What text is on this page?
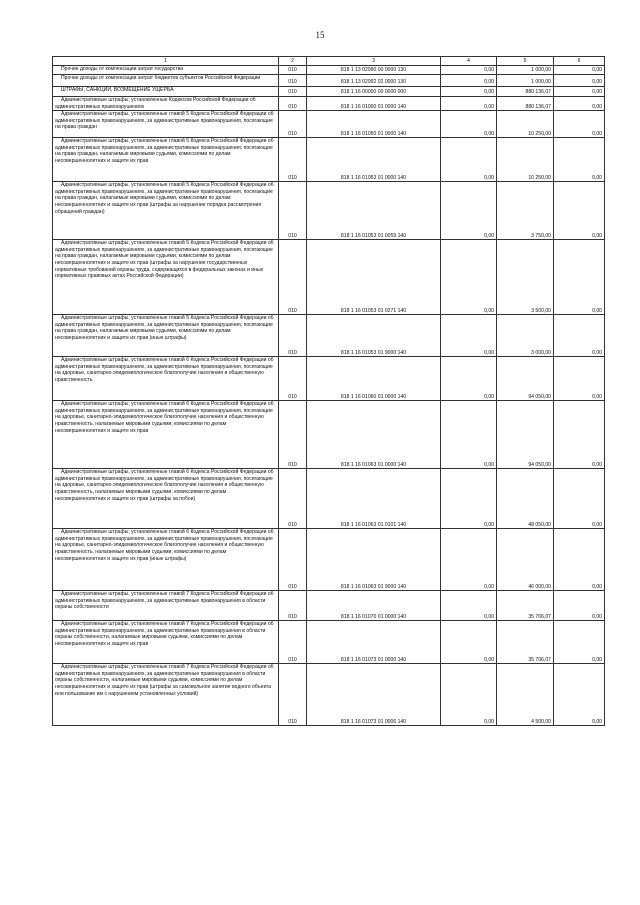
15
1	2	3	4	5	6
Прочие доходы от компенсации затрат государства	010	818 1 13 02990 00 0000 130	0,00	1 000,00	0,00
Прочие доходы от компенсации затрат бюджетов субъектов Российской Федерации	010	818 1 13 02992 02 0000 130	0,00	1 000,00	0,00
ШТРАФЫ, САНКЦИИ, ВОЗМЕЩЕНИЕ УЩЕРБА	010	818 1 16 00000 00 0000 000	0,00	880 136,07	0,00
Административные штрафы, установленные Кодексом Российской Федерации об административных правонарушениях	010	818 1 16 01000 01 0000 140	0,00	880 136,07	0,00
Административные штрафы, установленные главой 5 Кодекса Российской Федерации об административных правонарушениях, за административные правонарушения, посягающие на права граждан	010	818 1 16 01050 01 0000 140	0,00	10 250,00	0,00
Административные штрафы, установленные главой 5 Кодекса Российской Федерации об административных правонарушениях, за административные правонарушения, посягающие на права граждан, налагаемые мировыми судьями, комиссиями по делам несовершеннолетних и защите их прав	010	818 1 16 01053 01 0000 140	0,00	10 250,00	0,00
Административные штрафы, установленные главой 5 Кодекса Российской Федерации об административных правонарушениях, за административные правонарушения, посягающие на права граждан, налагаемые мировыми судьями, комиссиями по делам несовершеннолетних и защите их прав (штрафы за нарушение порядка рассмотрения обращений граждан)	010	818 1 16 01053 01 0059 140	0,00	3 750,00	0,00
Административные штрафы, установленные главой 5 Кодекса Российской Федерации об административных правонарушениях, за административные правонарушения, посягающие на права граждан, налагаемые мировыми судьями, комиссиями по делам несовершеннолетних и защите их прав (штрафы за нарушение государственных нормативных требований охраны труда, содержащихся в федеральных законах и иных нормативных правовых актах Российской Федерации)	010	818 1 16 01053 01 0271 140	0,00	3 500,00	0,00
Административные штрафы, установленные главой 5 Кодекса Российской Федерации об административных правонарушениях, за административные правонарушения, посягающие на права граждан, налагаемые мировыми судьями, комиссиями по делам несовершеннолетних и защите их прав (иные штрафы)	010	818 1 16 01053 01 9000 140	0,00	3 000,00	0,00
Административные штрафы, установленные главой 6 Кодекса Российской Федерации об административных правонарушениях, за административные правонарушения, посягающие на здоровье, санитарно-эпидемиологическое благополучие населения и общественную нравственность	010	818 1 16 01060 01 0000 140	0,00	94 050,00	0,00
Административные штрафы, установленные главой 6 Кодекса Российской Федерации об административных правонарушениях, за административные правонарушения, посягающие на здоровье, санитарно-эпидемиологическое благополучие населения и общественную нравственность, налагаемые мировыми судьями, комиссиями по делам несовершеннолетних и защите их прав	010	818 1 16 01063 01 0000 140	0,00	94 050,00	0,00
Административные штрафы, установленные главой 6 Кодекса Российской Федерации об административных правонарушениях, за административные правонарушения, посягающие на здоровье, санитарно-эпидемиологическое благополучие населения и общественную нравственность, налагаемые мировыми судьями, комиссиями по делам несовершеннолетних и защите их прав (штрафы за побои)	010	818 1 16 01063 01 0101 140	0,00	48 050,00	0,00
Административные штрафы, установленные главой 6 Кодекса Российской Федерации об административных правонарушениях, за административные правонарушения, посягающие на здоровье, санитарно-эпидемиологическое благополучие населения и общественную нравственность, налагаемые мировыми судьями, комиссиями по делам несовершеннолетних и защите их прав (иные штрафы)	010	818 1 16 01063 01 9000 140	0,00	46 000,00	0,00
Административные штрафы, установленные главой 7 Кодекса Российской Федерации об административных правонарушениях, за административные правонарушения в области охраны собственности	010	818 1 16 01070 01 0000 140	0,00	35 706,07	0,00
Административные штрафы, установленные главой 7 Кодекса Российской Федерации об административных правонарушениях, за административные правонарушения в области охраны собственности, налагаемые мировыми судьями, комиссиями по делам несовершеннолетних и защите их прав	010	818 1 16 01073 01 0000 140	0,00	35 706,07	0,00
Административные штрафы, установленные главой 7 Кодекса Российской Федерации об административных правонарушениях, за административные правонарушения в области охраны собственности, налагаемые мировыми судьями, комиссиями по делам несовершеннолетних и защите их прав (штрафы за самовольное занятие водного объекта или пользование им с нарушением установленных условий)	010	818 1 16 01073 01 0006 140	0,00	4 500,00	0,00
